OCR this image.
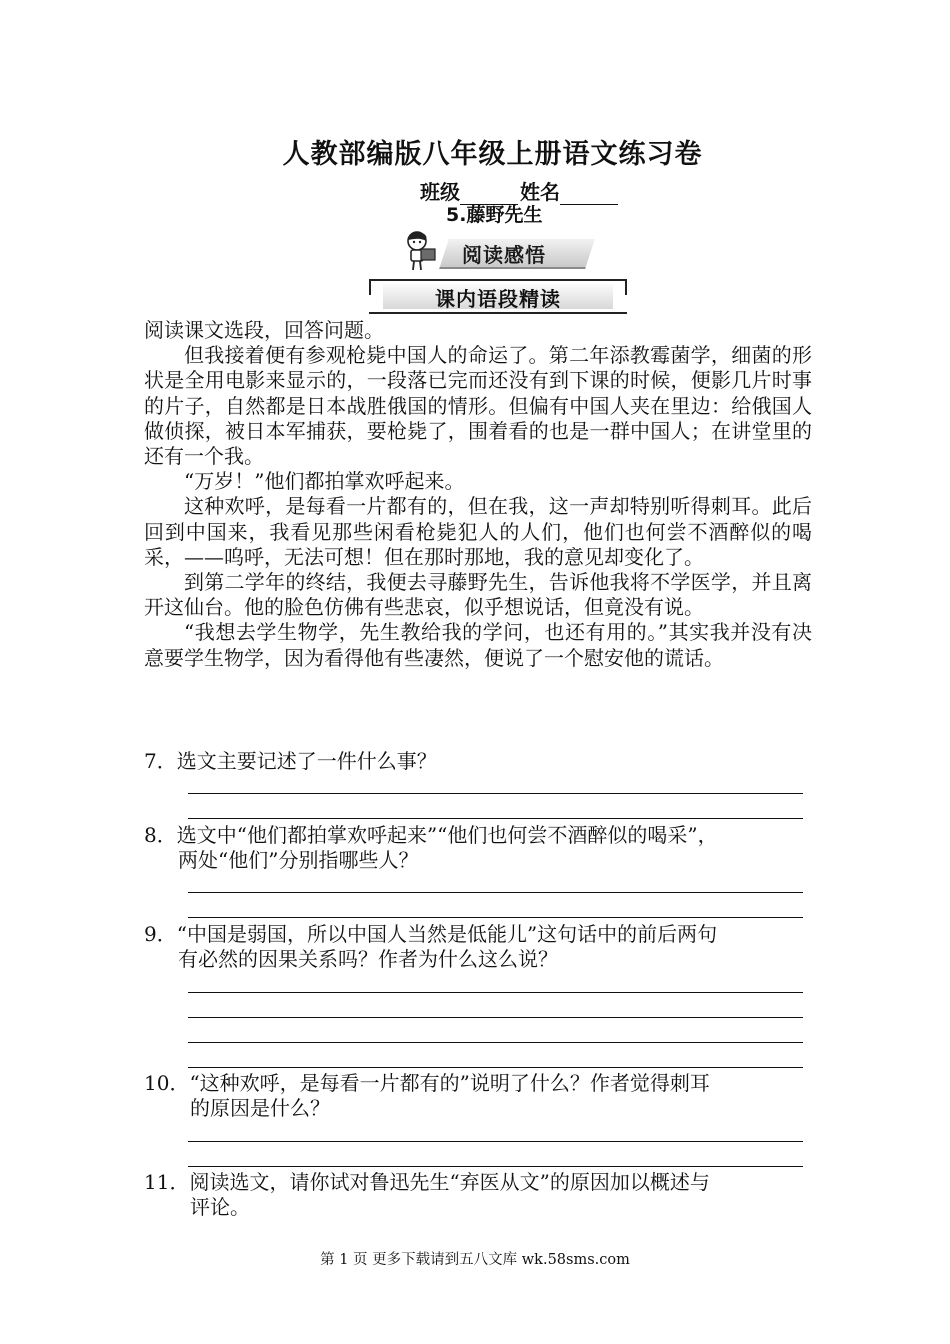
人教部编版八年级上册语文练习卷
班级	姓名
5.藤野先生
阅读感悟
课内语段精读

阅读课文选段，回答问题。

但我接着便有参观枪毙中国人的命运了。第二年添教霉菌学，细菌的形状是全用电影来显示的，一段落已完而还没有到下课的时候，便影几片时事的片子，自然都是日本战胜俄国的情形。但偏有中国人夹在里边：给俄国人做侦探，被日本军捕获，要枪毙了，围着看的也是一群中国人；在讲堂里的还有一个我。

“万岁！”他们都拍掌欢呼起来。

这种欢呼，是每看一片都有的，但在我，这一声却特别听得刺耳。此后回到中国来，我看见那些闲看枪毙犯人的人们，他们也何尝不酒醉似的喝采，——呜呼，无法可想！但在那时那地，我的意见却变化了。

到第二学年的终结，我便去寻藤野先生，告诉他我将不学医学，并且离开这仙台。他的脸色仿佛有些悲哀，似乎想说话，但竟没有说。

“我想去学生物学，先生教给我的学问，也还有用的。”其实我并没有决意要学生物学，因为看得他有些凄然，便说了一个慰安他的谎话。

7．选文主要记述了一件什么事？
8．选文中“他们都拍掌欢呼起来”“他们也何尝不酒醉似的喝采”，
两处“他们”分别指哪些人？
9．“中国是弱国，所以中国人当然是低能儿”这句话中的前后两句
有必然的因果关系吗？作者为什么这么说？
10．“这种欢呼，是每看一片都有的”说明了什么？作者觉得刺耳
的原因是什么？
11．阅读选文，请你试对鲁迅先生“弃医从文”的原因加以概述与
评论。
第 1 页 更多下载请到五八文库 wk.58sms.com
